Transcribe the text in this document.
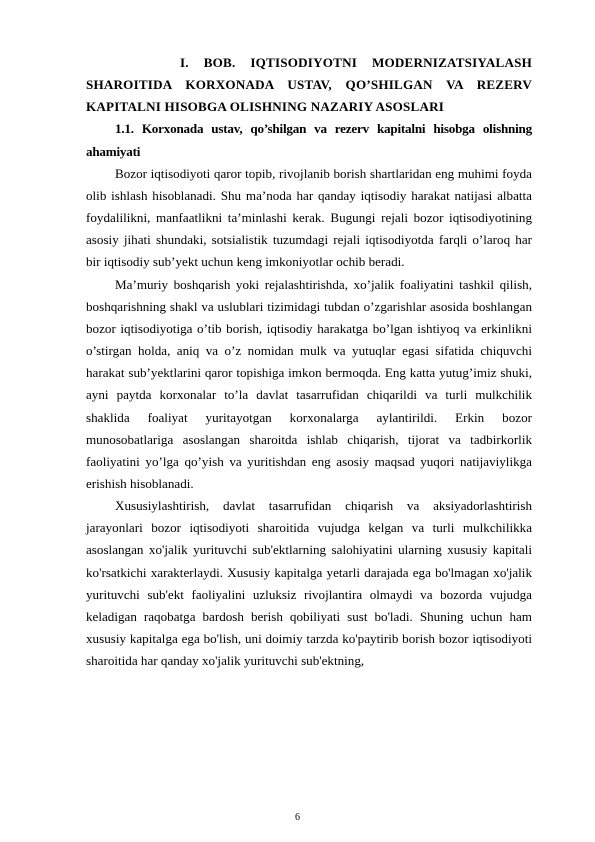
I. BOB. IQTISODIYOTNI MODERNIZATSIYALASH SHAROITIDA KORXONADA USTAV, QO’SHILGAN VA REZERV KAPITALNI HISOBGA OLISHNING NAZARIY ASOSLARI
1.1. Korxonada ustav, qo’shilgan va rezerv kapitalni hisobga olishning ahamiyati

Bozor iqtisodiyoti qaror topib, rivojlanib borish shartlaridan eng muhimi foyda olib ishlash hisoblanadi. Shu ma’noda har qanday iqtisodiy harakat natijasi albatta foydalilikni, manfaatlikni ta’minlashi kerak. Bugungi rejali bozor iqtisodiyotining asosiy jihati shundaki, sotsialistik tuzumdagi rejali iqtisodiyotda farqli o’laroq har bir iqtisodiy sub’yekt uchun keng imkoniyotlar ochib beradi.

Ma’muriy boshqarish yoki rejalashtirishda, xo’jalik foaliyatini tashkil qilish, boshqarishning shakl va uslublari tizimidagi tubdan o’zgarishlar asosida boshlangan bozor iqtisodiyotiga o’tib borish, iqtisodiy harakatga bo’lgan ishtiyoq va erkinlikni o’stirgan holda, aniq va o’z nomidan mulk va yutuqlar egasi sifatida chiquvchi harakat sub’yektlarini qaror topishiga imkon bermoqda. Eng katta yutug’imiz shuki, ayni paytda korxonalar to’la davlat tasarrufidan chiqarildi va turli mulkchilik shaklida foaliyat yuritayotgan korxonalarga aylantirildi. Erkin bozor munosobatlariga asoslangan sharoitda ishlab chiqarish, tijorat va tadbirkorlik faoliyatini yo’lga qo’yish va yuritishdan eng asosiy maqsad yuqori natijaviylikga erishish hisoblanadi.

Xususiylashtirish, davlat tasarrufidan chiqarish va aksiyadorlashtirish jarayonlari bozor iqtisodiyoti sharoitida vujudga kelgan va turli mulkchilikka asoslangan xo'jalik yurituvchi sub'ektlarning salohiyatini ularning xususiy kapitali ko'rsatkichi xarakterlaydi. Xususiy kapitalga yetarli darajada ega bo'lmagan xo'jalik yurituvchi sub'ekt faoliyalini uzluksiz rivojlantira olmaydi va bozorda vujudga keladigan raqobatga bardosh berish qobiliyati sust bo'ladi. Shuning uchun ham xususiy kapitalga ega bo'lish, uni doimiy tarzda ko'paytirib borish bozor iqtisodiyoti sharoitida har qanday xo'jalik yurituvchi sub'ektning,

6
